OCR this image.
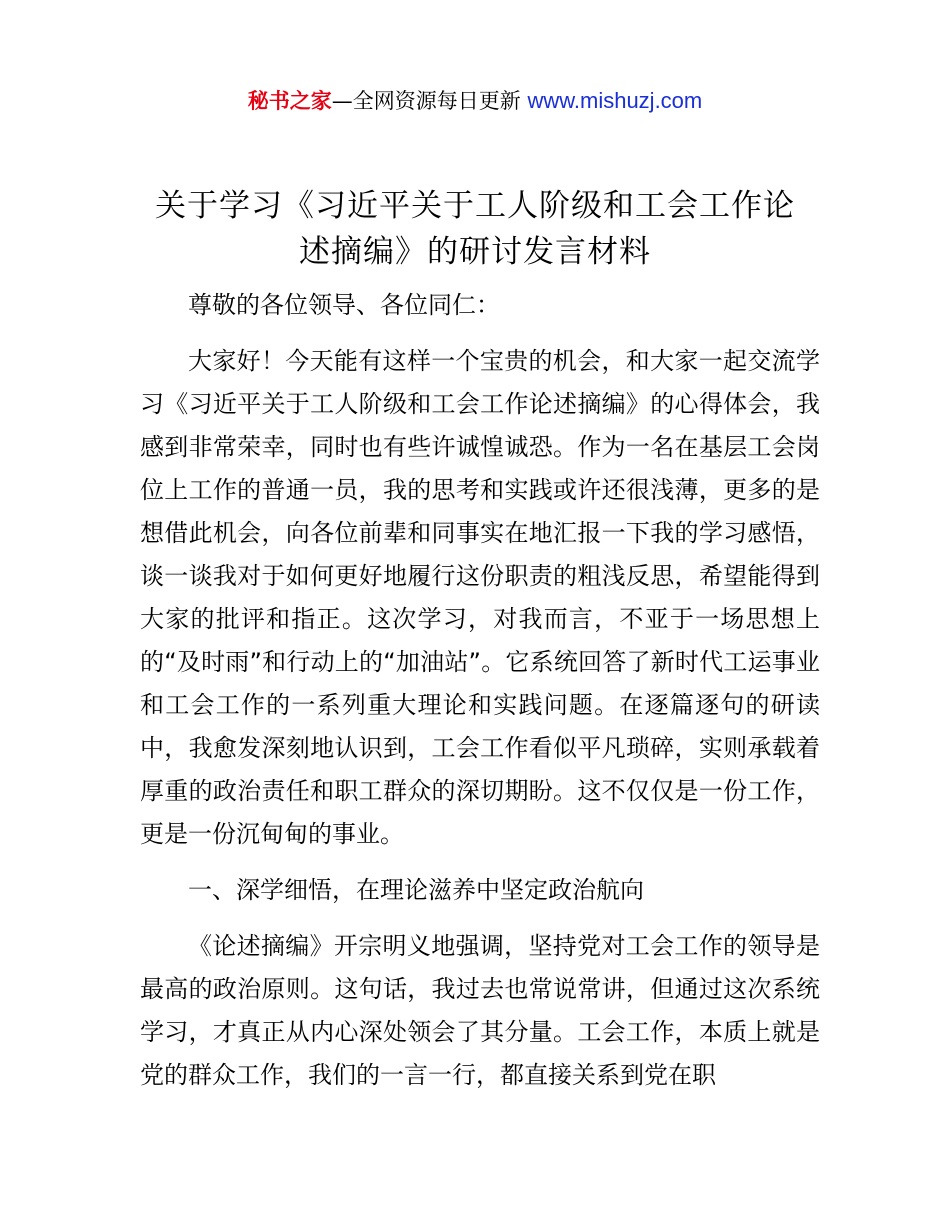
秘书之家—全网资源每日更新 www.mishuzj.com
关于学习《习近平关于工人阶级和工会工作论
述摘编》的研讨发言材料

尊敬的各位领导、各位同仁：

大家好！今天能有这样一个宝贵的机会，和大家一起交流学习《习近平关于工人阶级和工会工作论述摘编》的心得体会，我感到非常荣幸，同时也有些许诚惶诚恐。作为一名在基层工会岗位上工作的普通一员，我的思考和实践或许还很浅薄，更多的是想借此机会，向各位前辈和同事实在地汇报一下我的学习感悟，谈一谈我对于如何更好地履行这份职责的粗浅反思，希望能得到大家的批评和指正。这次学习，对我而言，不亚于一场思想上的“及时雨”和行动上的“加油站”。它系统回答了新时代工运事业和工会工作的一系列重大理论和实践问题。在逐篇逐句的研读中，我愈发深刻地认识到，工会工作看似平凡琐碎，实则承载着厚重的政治责任和职工群众的深切期盼。这不仅仅是一份工作，更是一份沉甸甸的事业。

一、深学细悟，在理论滋养中坚定政治航向

《论述摘编》开宗明义地强调，坚持党对工会工作的领导是最高的政治原则。这句话，我过去也常说常讲，但通过这次系统学习，才真正从内心深处领会了其分量。工会工作，本质上就是党的群众工作，我们的一言一行，都直接关系到党在职
